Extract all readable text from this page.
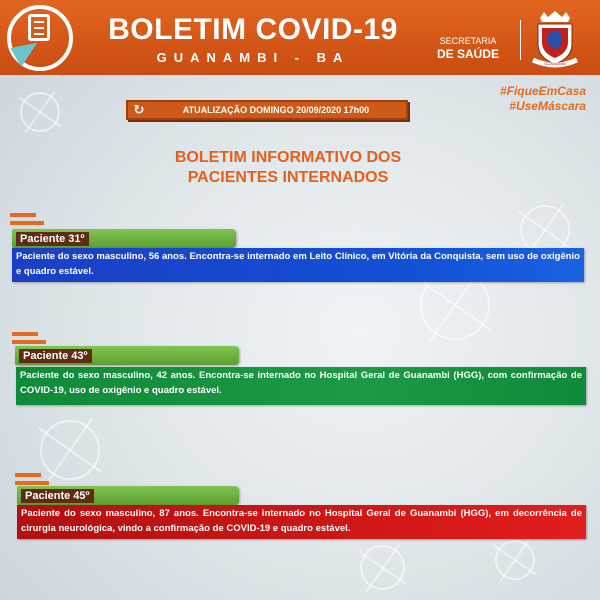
BOLETIM COVID-19
GUANAMBI - BA
SECRETARIA
DE SAÚDE
GUANAMBI
#FiqueEmCasa
#UseMáscara
↻	ATUALIZAÇÃO DOMINGO 20/09/2020 17h00
BOLETIM INFORMATIVO DOS
PACIENTES INTERNADOS
Paciente 31º
Paciente do sexo masculino, 56 anos. Encontra-se internado em Leito Clínico, em Vitória da Conquista, sem uso de oxigênio e quadro estável.
Paciente 43º
Paciente do sexo masculino, 42 anos. Encontra-se internado no Hospital Geral de Guanambi (HGG), com confirmação de COVID-19, uso de oxigênio e quadro estável.
Paciente 45º
Paciente do sexo masculino, 87 anos. Encontra-se internado no Hospital Geral de Guanambi (HGG), em decorrência de cirurgia neurológica, vindo a confirmação de COVID-19 e quadro estável.
